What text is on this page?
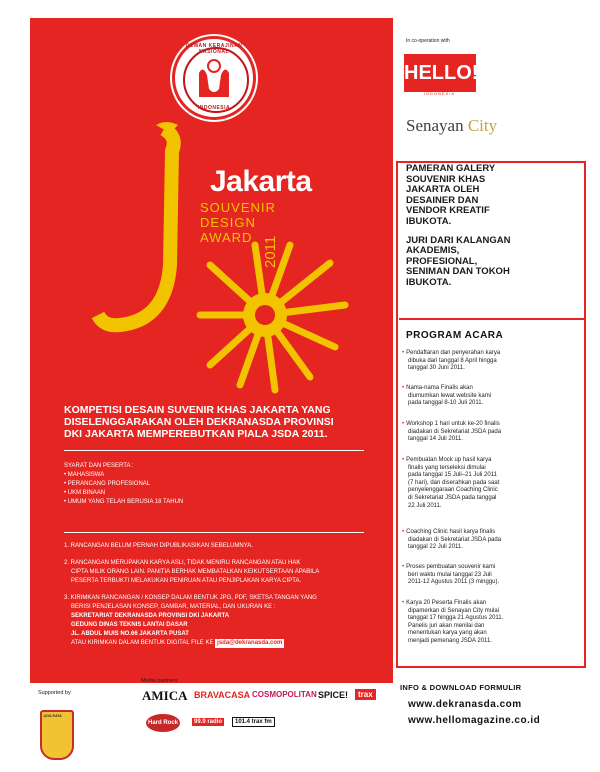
DEWAN KERAJINAN NASIONAL
INDONESIA
Jakarta
SOUVENIR
DESIGN
AWARD 2011
KOMPETISI DESAIN SUVENIR KHAS JAKARTA YANG
DISELENGGARAKAN OLEH DEKRANASDA PROVINSI
DKI JAKARTA MEMPEREBUTKAN PIALA JSDA 2011.
SYARAT DAN PESERTA :
• MAHASISWA
• PERANCANG PROFESIONAL
• UKM BINAAN
• UMUM YANG TELAH BERUSIA 18 TAHUN
1. RANCANGAN BELUM PERNAH DIPUBLIKASIKAN SEBELUMNYA.
2. RANCANGAN MERUPAKAN KARYA ASLI, TIDAK MENIRU RANCANGAN ATAU HAK
CIPTA MILIK ORANG LAIN. PANITIA BERHAK MEMBATALKAN KEIKUTSERTAAN APABILA
PESERTA TERBUKTI MELAKUKAN PENIRUAN ATAU PENJIPLAKAN KARYA CIPTA.
3. KIRIMKAN RANCANGAN / KONSEP DALAM BENTUK JPG, PDF, SKETSA TANGAN YANG
BERISI PENJELASAN KONSEP, GAMBAR, MATERIAL, DAN UKURAN KE :
SEKRETARIAT DEKRANASDA PROVINSI DKI JAKARTA
GEDUNG DINAS TEKNIS LANTAI DASAR
JL. ABDUL MUIS NO.66 JAKARTA PUSAT
ATAU KIRIMKAN DALAM BENTUK DIGITAL FILE KE jsda@dekranasda.com
In co-operation with
HELLO!
INDONESIA
Senayan City
PAMERAN GALERY
SOUVENIR KHAS
JAKARTA OLEH
DESAINER DAN
VENDOR KREATIF
IBUKOTA.
JURI DARI KALANGAN
AKADEMIS,
PROFESIONAL,
SENIMAN DAN TOKOH
IBUKOTA.
PROGRAM ACARA
• Pendaftaran dan penyerahan karya
dibuka dari tanggal 8 April hingga
tanggal 30 Juni 2011.
• Nama-nama Finalis akan
diumumkan lewat website kami
pada tanggal 8-10 Juli 2011.
• Workshop 1 hari untuk ke-20 finalis
diadakan di Sekretariat JSDA pada
tanggal 14 Juli 2011.
• Pembuatan Mock up hasil karya
finalis yang terseleksi dimulai
pada tanggal 15 Juli–21 Juli 2011
(7 hari), dan diserahkan pada saat
penyelenggaraan Coaching Clinic
di Sekretariat JSDA pada tanggal
22 Juli 2011.
• Coaching Clinic hasil karya finalis
diadakan di Sekretariat JSDA pada
tanggal 22 Juli 2011.
• Proses pembuatan souvenir kami
beri waktu mulai tanggal 23 Juli
2011-12 Agustus 2011 (3 minggu).
• Karya 20 Peserta Finalis akan
dipamerkan di Senayan City mulai
tanggal 17 hingga 21 Agustus 2011.
Panelis juri akan menilai dan
menentukan karya yang akan
menjadi pemenang JSDA 2011.
INFO & DOWNLOAD FORMULIR
www.dekranasda.com
www.hellomagazine.co.id
Supported by
JAYA RAYA
Media partners
AMICA BRAVACASA COSMOPOLITAN SPICE!	trax
Hard Rock	99.9 radio	101.4 trax fm
